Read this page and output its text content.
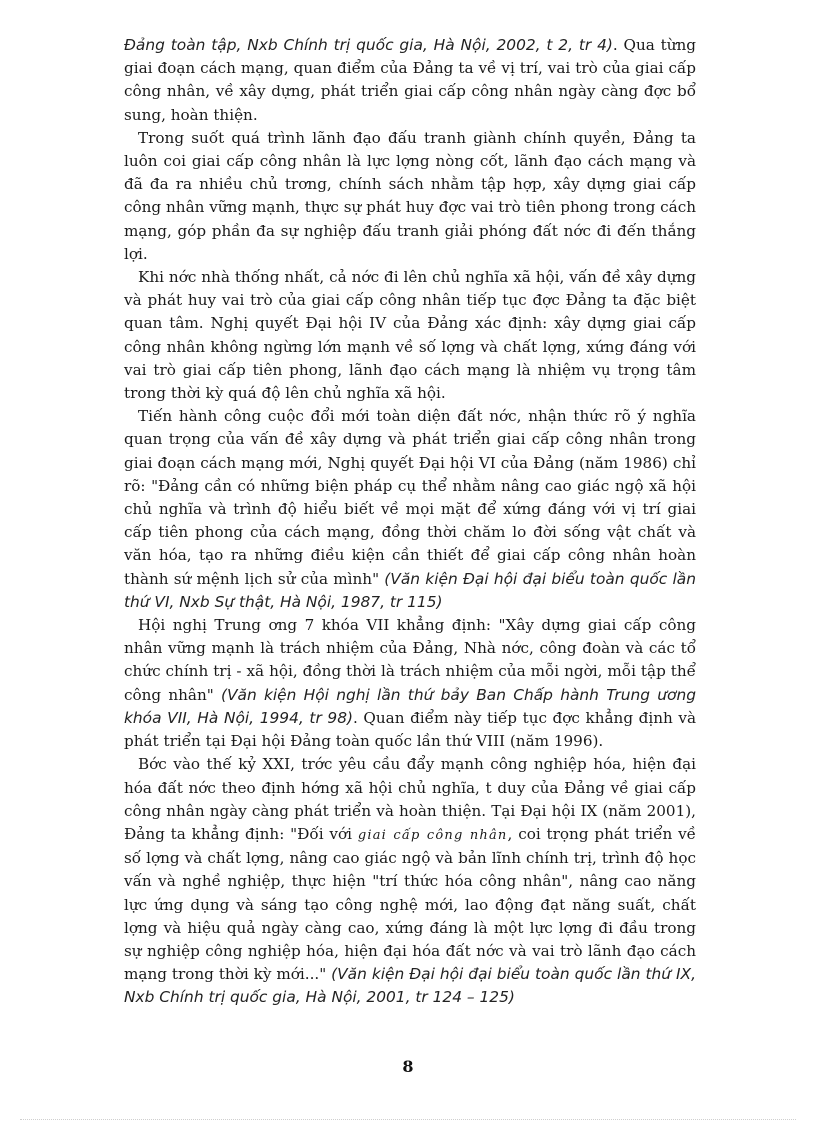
Đảng toàn tập, Nxb Chính trị quốc gia, Hà Nội, 2002, t 2, tr 4). Qua từng giai đoạn cách mạng, quan điểm của Đảng ta về vị trí, vai trò của giai cấp công nhân, về xây dựng, phát triển giai cấp công nhân ngày càng đợc bổ sung, hoàn thiện.

Trong suốt quá trình lãnh đạo đấu tranh giành chính quyền, Đảng ta luôn coi giai cấp công nhân là lực lợng nòng cốt, lãnh đạo cách mạng và đã đa ra nhiều chủ trơng, chính sách nhằm tập hợp, xây dựng giai cấp công nhân vững mạnh, thực sự phát huy đợc vai trò tiên phong trong cách mạng, góp phần đa sự nghiệp đấu tranh giải phóng đất nớc đi đến thắng lợi.

Khi nớc nhà thống nhất, cả nớc đi lên chủ nghĩa xã hội, vấn đề xây dựng và phát huy vai trò của giai cấp công nhân tiếp tục đợc Đảng ta đặc biệt quan tâm. Nghị quyết Đại hội IV của Đảng xác định: xây dựng giai cấp công nhân không ngừng lớn mạnh về số lợng và chất lợng, xứng đáng với vai trò giai cấp tiên phong, lãnh đạo cách mạng là nhiệm vụ trọng tâm trong thời kỳ quá độ lên chủ nghĩa xã hội.

Tiến hành công cuộc đổi mới toàn diện đất nớc, nhận thức rõ ý nghĩa quan trọng của vấn đề xây dựng và phát triển giai cấp công nhân trong giai đoạn cách mạng mới, Nghị quyết Đại hội VI của Đảng (năm 1986) chỉ rõ: "Đảng cần có những biện pháp cụ thể nhằm nâng cao giác ngộ xã hội chủ nghĩa và trình độ hiểu biết về mọi mặt để xứng đáng với vị trí giai cấp tiên phong của cách mạng, đồng thời chăm lo đời sống vật chất và văn hóa, tạo ra những điều kiện cần thiết để giai cấp công nhân hoàn thành sứ mệnh lịch sử của mình" (Văn kiện Đại hội đại biểu toàn quốc lần thứ VI, Nxb Sự thật, Hà Nội, 1987, tr 115)

Hội nghị Trung ơng 7 khóa VII khẳng định: "Xây dựng giai cấp công nhân vững mạnh là trách nhiệm của Đảng, Nhà nớc, công đoàn và các tổ chức chính trị - xã hội, đồng thời là trách nhiệm của mỗi ngời, mỗi tập thể công nhân" (Văn kiện Hội nghị lần thứ bảy Ban Chấp hành Trung ương khóa VII, Hà Nội, 1994, tr 98). Quan điểm này tiếp tục đợc khẳng định và phát triển tại Đại hội Đảng toàn quốc lần thứ VIII (năm 1996).

Bớc vào thế kỷ XXI, trớc yêu cầu đẩy mạnh công nghiệp hóa, hiện đại hóa đất nớc theo định hớng xã hội chủ nghĩa, t duy của Đảng về giai cấp công nhân ngày càng phát triển và hoàn thiện. Tại Đại hội IX (năm 2001), Đảng ta khẳng định: "Đối với giai cấp công nhân, coi trọng phát triển về số lợng và chất lợng, nâng cao giác ngộ và bản lĩnh chính trị, trình độ học vấn và nghề nghiệp, thực hiện "trí thức hóa công nhân", nâng cao năng lực ứng dụng và sáng tạo công nghệ mới, lao động đạt năng suất, chất lợng và hiệu quả ngày càng cao, xứng đáng là một lực lợng đi đầu trong sự nghiệp công nghiệp hóa, hiện đại hóa đất nớc và vai trò lãnh đạo cách mạng trong thời kỳ mới..." (Văn kiện Đại hội đại biểu toàn quốc lần thứ IX, Nxb Chính trị quốc gia, Hà Nội, 2001, tr 124 – 125)

8
